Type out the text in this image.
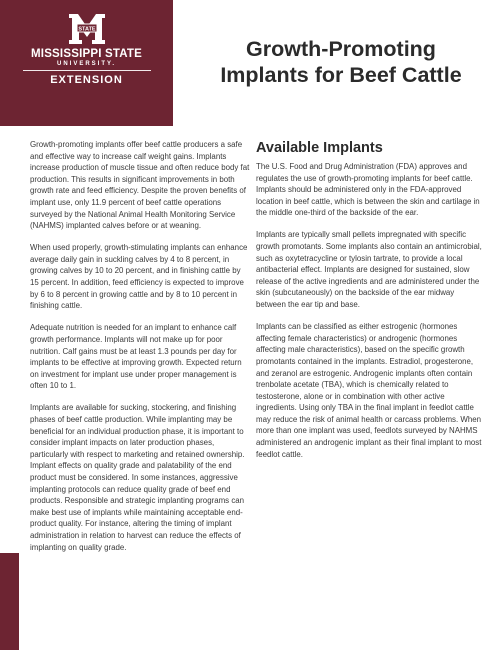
STATE
MISSISSIPPI STATE
UNIVERSITY.
EXTENSION
Growth-Promoting
Implants for Beef Cattle

Growth-promoting implants offer beef cattle producers a safe and effective way to increase calf weight gains. Implants increase production of muscle tissue and often reduce body fat production. This results in significant improvements in both growth rate and feed efficiency. Despite the proven benefits of implant use, only 11.9 percent of beef cattle operations surveyed by the National Animal Health Monitoring Service (NAHMS) implanted calves before or at weaning.

When used properly, growth-stimulating implants can enhance average daily gain in suckling calves by 4 to 8 percent, in growing calves by 10 to 20 percent, and in finishing cattle by 15 percent. In addition, feed efficiency is expected to improve by 6 to 8 percent in growing cattle and by 8 to 10 percent in finishing cattle.

Adequate nutrition is needed for an implant to enhance calf growth performance. Implants will not make up for poor nutrition. Calf gains must be at least 1.3 pounds per day for implants to be effective at improving growth. Expected return on investment for implant use under proper management is often 10 to 1.

Implants are available for sucking, stockering, and finishing phases of beef cattle production. While implanting may be beneficial for an individual production phase, it is important to consider implant impacts on later production phases, particularly with respect to marketing and retained ownership. Implant effects on quality grade and palatability of the end product must be considered. In some instances, aggressive implanting protocols can reduce quality grade of beef end products. Responsible and strategic implanting programs can make best use of implants while maintaining acceptable end-product quality. For instance, altering the timing of implant administration in relation to harvest can reduce the effects of implanting on quality grade.

Available Implants

The U.S. Food and Drug Administration (FDA) approves and regulates the use of growth-promoting implants for beef cattle. Implants should be administered only in the FDA-approved location in beef cattle, which is between the skin and cartilage in the middle one-third of the backside of the ear.

Implants are typically small pellets impregnated with specific growth promotants. Some implants also contain an antimicrobial, such as oxytetracycline or tylosin tartrate, to provide a local antibacterial effect. Implants are designed for sustained, slow release of the active ingredients and are administered under the skin (subcutaneously) on the backside of the ear midway between the ear tip and base.

Implants can be classified as either estrogenic (hormones affecting female characteristics) or androgenic (hormones affecting male characteristics), based on the specific growth promotants contained in the implants. Estradiol, progesterone, and zeranol are estrogenic. Androgenic implants often contain trenbolate acetate (TBA), which is chemically related to testosterone, alone or in combination with other active ingredients. Using only TBA in the final implant in feedlot cattle may reduce the risk of animal health or carcass problems. When more than one implant was used, feedlots surveyed by NAHMS administered an androgenic implant as their final implant to most feedlot cattle.
